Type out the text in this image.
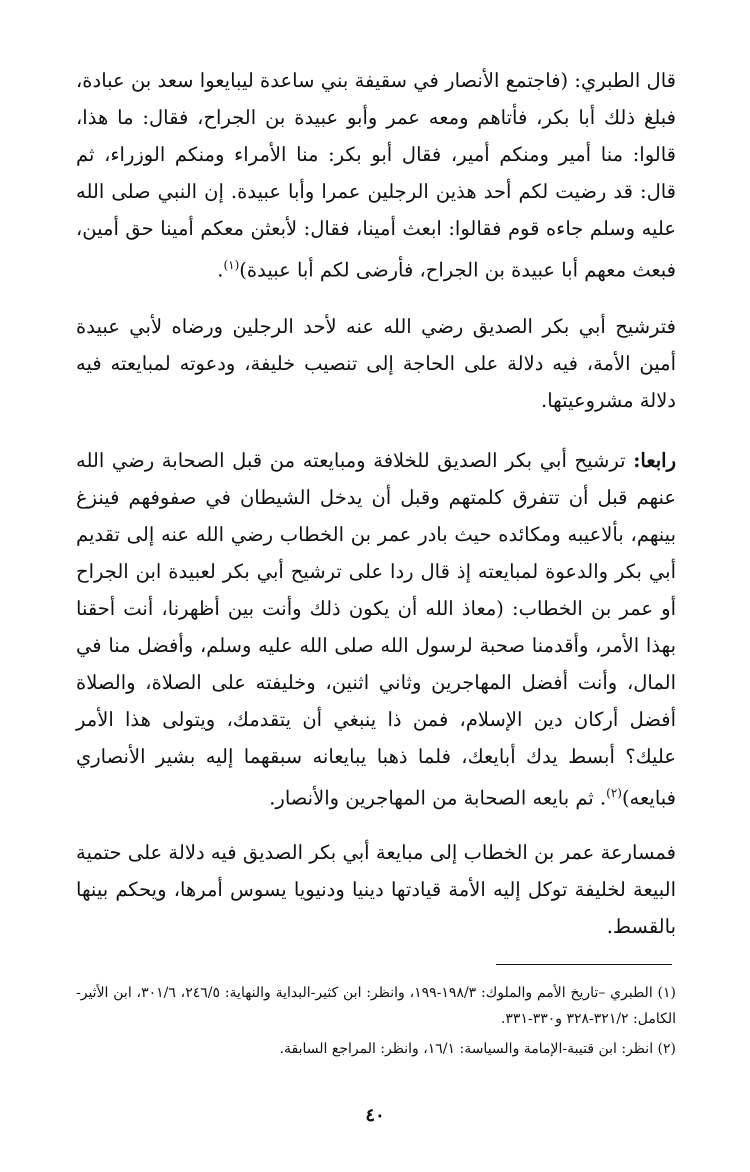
قال الطبري: (فاجتمع الأنصار في سقيفة بني ساعدة ليبايعوا سعد بن عبادة، فبلغ ذلك أبا بكر، فأتاهم ومعه عمر وأبو عبيدة بن الجراح، فقال: ما هذا، قالوا: منا أمير ومنكم أمير، فقال أبو بكر: منا الأمراء ومنكم الوزراء، ثم قال: قد رضيت لكم أحد هذين الرجلين عمرا وأبا عبيدة. إن النبي صلى الله عليه وسلم جاءه قوم فقالوا: ابعث أمينا، فقال: لأبعثن معكم أمينا حق أمين، فبعث معهم أبا عبيدة بن الجراح، فأرضى لكم أبا عبيدة)$^{(١)}$.

فترشيح أبي بكر الصديق رضي الله عنه لأحد الرجلين ورضاه لأبي عبيدة أمين الأمة، فيه دلالة على الحاجة إلى تنصيب خليفة، ودعوته لمبايعته فيه دلالة مشروعيتها.

رابعا: ترشيح أبي بكر الصديق للخلافة ومبايعته من قبل الصحابة رضي الله عنهم قبل أن تتفرق كلمتهم وقبل أن يدخل الشيطان في صفوفهم فينزغ بينهم، بألاعيبه ومكائده حيث بادر عمر بن الخطاب رضي الله عنه إلى تقديم أبي بكر والدعوة لمبايعته إذ قال ردا على ترشيح أبي بكر لعبيدة ابن الجراح أو عمر بن الخطاب: (معاذ الله أن يكون ذلك وأنت بين أظهرنا، أنت أحقنا بهذا الأمر، وأقدمنا صحبة لرسول الله صلى الله عليه وسلم، وأفضل منا في المال، وأنت أفضل المهاجرين وثاني اثنين، وخليفته على الصلاة، والصلاة أفضل أركان دين الإسلام، فمن ذا ينبغي أن يتقدمك، ويتولى هذا الأمر عليك؟ أبسط يدك أبايعك، فلما ذهبا يبايعانه سبقهما إليه بشير الأنصاري فبايعه)$^{(٢)}$. ثم بايعه الصحابة من المهاجرين والأنصار.

فمسارعة عمر بن الخطاب إلى مبايعة أبي بكر الصديق فيه دلالة على حتمية البيعة لخليفة توكل إليه الأمة قيادتها دينيا ودنيويا يسوس أمرها، ويحكم بينها بالقسط.

(١) الطبري –تاريخ الأمم والملوك: ١٩٨/٣-١٩٩، وانظر: ابن كثير-البداية والنهاية: ٢٤٦/٥، ٣٠١/٦، ابن الأثير-الكامل: ٣٢١/٢-٣٢٨ و٣٣٠-٣٣١.

(٢) انظر: ابن قتيبة-الإمامة والسياسة: ١٦/١، وانظر: المراجع السابقة.

٤٠
